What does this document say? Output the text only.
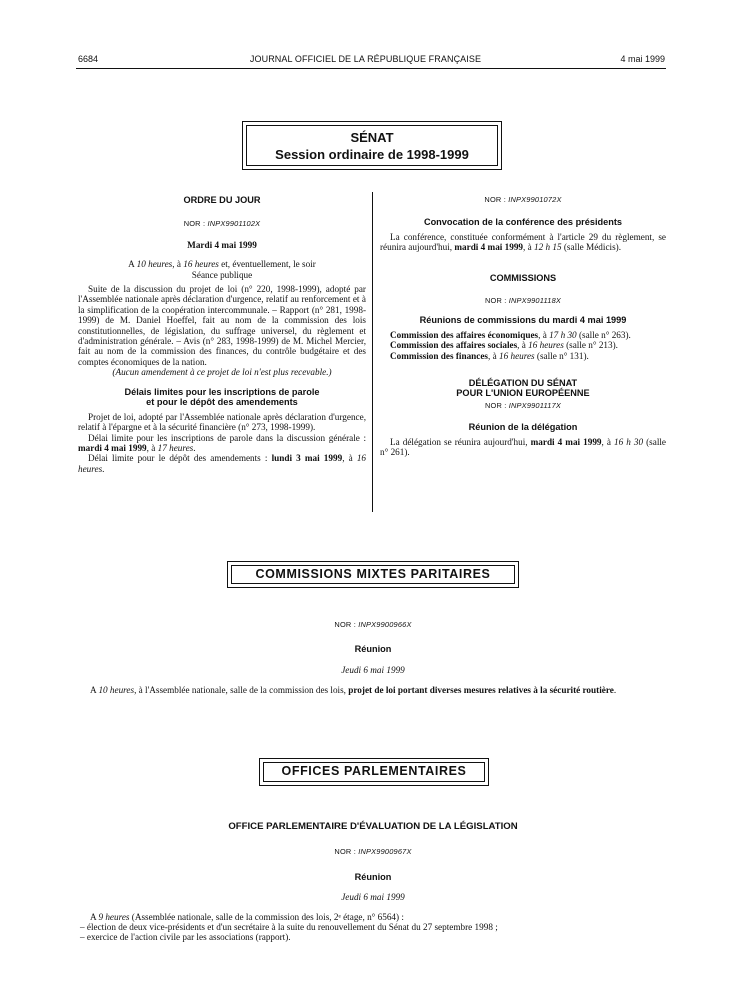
6684	JOURNAL OFFICIEL DE LA RÉPUBLIQUE FRANÇAISE	4 mai 1999
SÉNAT
Session ordinaire de 1998-1999
ORDRE DU JOUR
NOR : INPX9901102X
Mardi 4 mai 1999
A 10 heures, à 16 heures et, éventuellement, le soir
Séance publique
Suite de la discussion du projet de loi (n° 220, 1998-1999), adopté par l'Assemblée nationale après déclaration d'urgence, relatif au renforcement et à la simplification de la coopération intercommunale. – Rapport (n° 281, 1998-1999) de M. Daniel Hoeffel, fait au nom de la commission des lois constitutionnelles, de législation, du suffrage universel, du règlement et d'administration générale. – Avis (n° 283, 1998-1999) de M. Michel Mercier, fait au nom de la commission des finances, du contrôle budgétaire et des comptes économiques de la nation.
(Aucun amendement à ce projet de loi n'est plus recevable.)
Délais limites pour les inscriptions de parole
et pour le dépôt des amendements
Projet de loi, adopté par l'Assemblée nationale après déclaration d'urgence, relatif à l'épargne et à la sécurité financière (n° 273, 1998-1999).
Délai limite pour les inscriptions de parole dans la discussion générale : mardi 4 mai 1999, à 17 heures.
Délai limite pour le dépôt des amendements : lundi 3 mai 1999, à 16 heures.
NOR : INPX9901072X
Convocation de la conférence des présidents
La conférence, constituée conformément à l'article 29 du règlement, se réunira aujourd'hui, mardi 4 mai 1999, à 12 h 15 (salle Médicis).
COMMISSIONS
NOR : INPX9901118X
Réunions de commissions du mardi 4 mai 1999
Commission des affaires économiques, à 17 h 30 (salle n° 263).
Commission des affaires sociales, à 16 heures (salle n° 213).
Commission des finances, à 16 heures (salle n° 131).
DÉLÉGATION DU SÉNAT
POUR L'UNION EUROPÉENNE
NOR : INPX9901117X
Réunion de la délégation
La délégation se réunira aujourd'hui, mardi 4 mai 1999, à 16 h 30 (salle n° 261).
COMMISSIONS MIXTES PARITAIRES
NOR : INPX9900966X
Réunion
Jeudi 6 mai 1999
A 10 heures, à l'Assemblée nationale, salle de la commission des lois, projet de loi portant diverses mesures relatives à la sécurité routière.
OFFICES PARLEMENTAIRES
OFFICE PARLEMENTAIRE D'ÉVALUATION DE LA LÉGISLATION
NOR : INPX9900967X
Réunion
Jeudi 6 mai 1999
A 9 heures (Assemblée nationale, salle de la commission des lois, 2ᵉ étage, n° 6564) :
– élection de deux vice-présidents et d'un secrétaire à la suite du renouvellement du Sénat du 27 septembre 1998 ;
– exercice de l'action civile par les associations (rapport).
